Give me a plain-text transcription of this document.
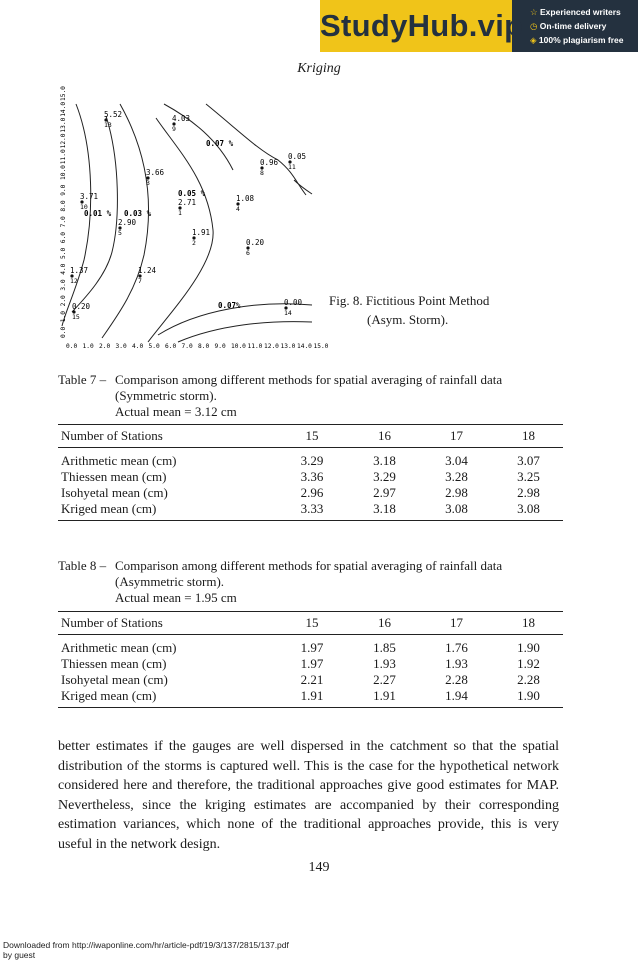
StudyHub.vip ☆ Experienced writers
◷ On-time delivery
◈ 100% plagiarism free
Kriging
0.0 1.0 2.0 3.0 4.0 5.0 6.0 7.0 8.0 9.0 10.0 11.0 12.0 13.0 14.0 15.0
0.0
1.0
2.0
3.0
4.0
5.0
6.0
7.0
8.0
9.0
10.0
11.0
12.0
13.0
14.0
15.0
5.52
13
4.03
9
0.96
8
0.05
11
3.66
3
3.71
10	2.71
1
1.08
4
2.90
5	1.91
2	0.20
6
1.37
12
1.24
7
0.00
14
0.20
15
0.07 %
0.05 %
0.03 %
0.01 %
0.07%	Fig. 8. Fictitious Point Method
(Asym. Storm).
Table 7 – Comparison among different methods for spatial averaging of rainfall data
(Symmetric storm).
Actual mean = 3.12 cm
Number of Stations	15	16	17	18
Arithmetic mean (cm)	3.29	3.18	3.04	3.07
Thiessen mean (cm)	3.36	3.29	3.28	3.25
Isohyetal mean (cm)	2.96	2.97	2.98	2.98
Kriged mean (cm)	3.33	3.18	3.08	3.08
Table 8 – Comparison among different methods for spatial averaging of rainfall data
(Asymmetric storm).
Actual mean = 1.95 cm
Number of Stations	15	16	17	18
Arithmetic mean (cm)	1.97	1.85	1.76	1.90
Thiessen mean (cm)	1.97	1.93	1.93	1.92
Isohyetal mean (cm)	2.21	2.27	2.28	2.28
Kriged mean (cm)	1.91	1.91	1.94	1.90
better estimates if the gauges are well dispersed in the catchment so that the spatial distribution of the storms is captured well. This is the case for the hypothetical network considered here and therefore, the traditional approaches give good estimates for MAP. Nevertheless, since the kriging estimates are accompanied by their corresponding estimation variances, which none of the traditional approaches provide, this is very useful in the network design.
149
Downloaded from http://iwaponline.com/hr/article-pdf/19/3/137/2815/137.pdf
by guest
